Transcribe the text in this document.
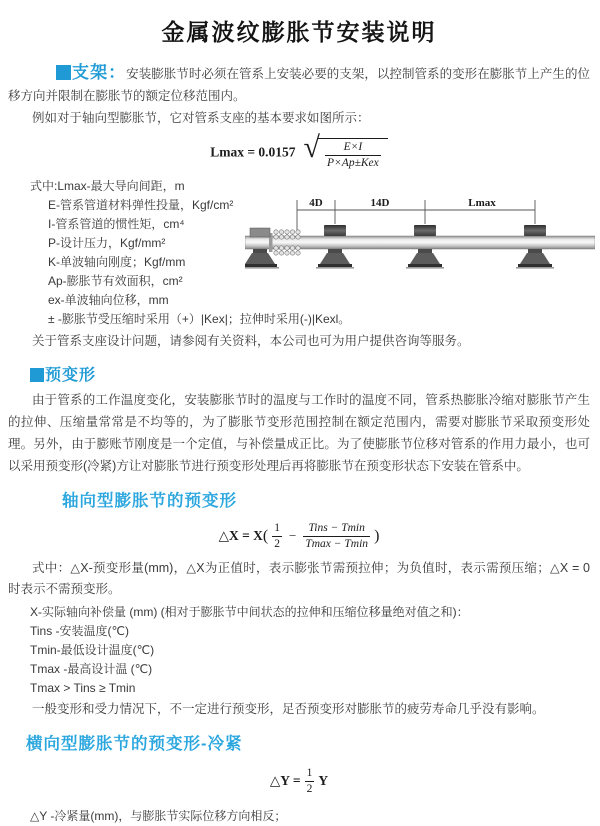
金属波纹膨胀节安装说明
支架：安装膨胀节时必须在管系上安装必要的支架，以控制管系的变形在膨胀节上产生的位移方向并限制在膨胀节的额定位移范围内。
例如对于轴向型膨胀节，它对管系支座的基本要求如图所示：
Lmax = 0.0157 √ $\frac{E\times I}{\text{P×Ap±Kex}}$
式中:Lmax-最大导向间距，m
E-管系管道材料弹性投量，Kgf/cm²
I-管系管道的惯性矩，cm⁴
P-设计压力，Kgf/mm²
K-单波轴向刚度；Kgf/mm
Ap-膨胀节有效面积，cm²
ex-单波轴向位移，mm
± -膨胀节受压缩时采用（+）|Kex|；拉伸时采用(-)|Kexl。
关于管系支座设计问题，请参阅有关资料，本公司也可为用户提供咨询等服务。
4D	14D	Lmax
预变形
由于管系的工作温度变化，安装膨胀节时的温度与工作时的温度不同，管系热膨胀冷缩对膨胀节产生的拉伸、压缩量常常是不均等的，为了膨胀节变形范围控制在额定范围内，需要对膨胀节采取预变形处理。另外，由于膨账节刚度是一个定值，与补偿量成正比。为了使膨胀节位移对管系的作用力最小，也可以采用预变形(冷紧)方让对膨胀节进行预变形处理后再将膨胀节在预变形状态下安装在管系中。
轴向型膨胀节的预变形
△X = $X( \frac{1}{2} - \frac{\text{Tins − Tmin}}{Tmax - Tmin}$ )
式中：△X-预变形量(mm)，△X为正值时，表示膨张节需预拉伸；为负值时，表示需预压缩；△X = 0时表示不需预变形。
X-实际轴向补偿量 (mm) (相对于膨胀节中间状态的拉伸和压缩位移量绝对值之和)：
Tins -安装温度(℃)
Tmin-最低设计温度(℃)
Tmax -最高设计温 (℃)
Tmax > Tins ≥ Tmin
一般变形和受力情况下，不一定进行预变形，足否预变形对膨胀节的疲劳寿命几乎没有影响。
横向型膨胀节的预变形-冷紧
△Y = $\frac{1}{2}$ Y
△Y -冷紧量(mm)，与膨胀节实际位移方向相反；
